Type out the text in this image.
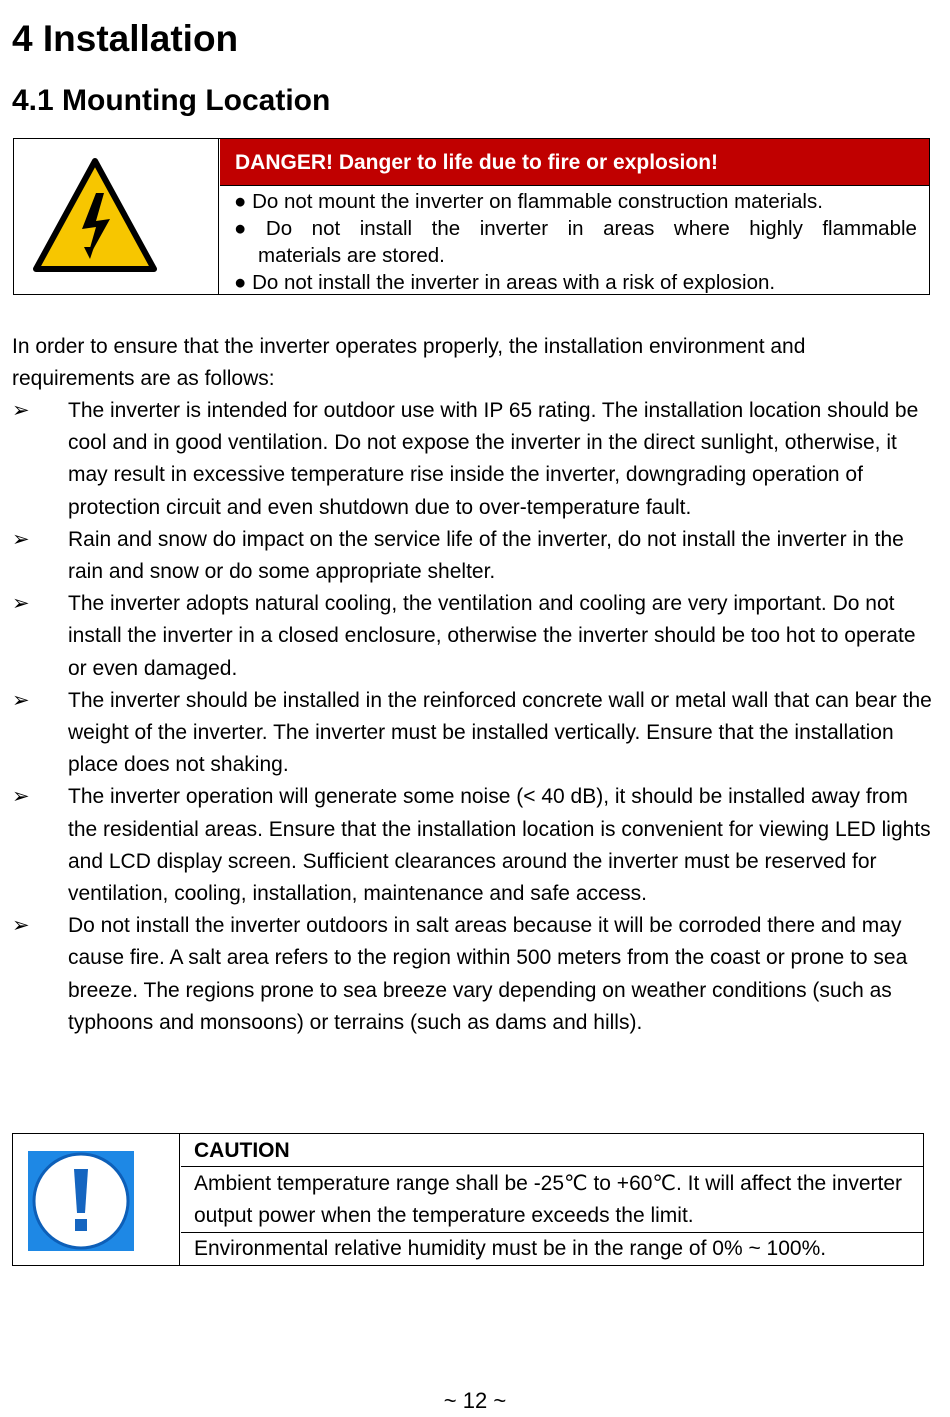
4 Installation
4.1 Mounting Location
DANGER! Danger to life due to fire or explosion!
● Do not mount the inverter on flammable construction materials.
● Do not install the inverter in areas where highly flammable
materials are stored.
● Do not install the inverter in areas with a risk of explosion.
In order to ensure that the inverter operates properly, the installation environment and requirements are as follows:
➢ The inverter is intended for outdoor use with IP 65 rating. The installation location should be cool and in good ventilation. Do not expose the inverter in the direct sunlight, otherwise, it may result in excessive temperature rise inside the inverter, downgrading operation of protection circuit and even shutdown due to over-temperature fault.
➢ Rain and snow do impact on the service life of the inverter, do not install the inverter in the rain and snow or do some appropriate shelter.
➢ The inverter adopts natural cooling, the ventilation and cooling are very important. Do not install the inverter in a closed enclosure, otherwise the inverter should be too hot to operate or even damaged.
➢ The inverter should be installed in the reinforced concrete wall or metal wall that can bear the weight of the inverter. The inverter must be installed vertically. Ensure that the installation place does not shaking.
➢ The inverter operation will generate some noise (< 40 dB), it should be installed away from the residential areas. Ensure that the installation location is convenient for viewing LED lights and LCD display screen. Sufficient clearances around the inverter must be reserved for ventilation, cooling, installation, maintenance and safe access.
➢ Do not install the inverter outdoors in salt areas because it will be corroded there and may cause fire. A salt area refers to the region within 500 meters from the coast or prone to sea breeze. The regions prone to sea breeze vary depending on weather conditions (such as typhoons and monsoons) or terrains (such as dams and hills).
CAUTION
Ambient temperature range shall be -25℃ to +60℃. It will affect the inverter output power when the temperature exceeds the limit.
Environmental relative humidity must be in the range of 0% ~ 100%.
~ 12 ~
